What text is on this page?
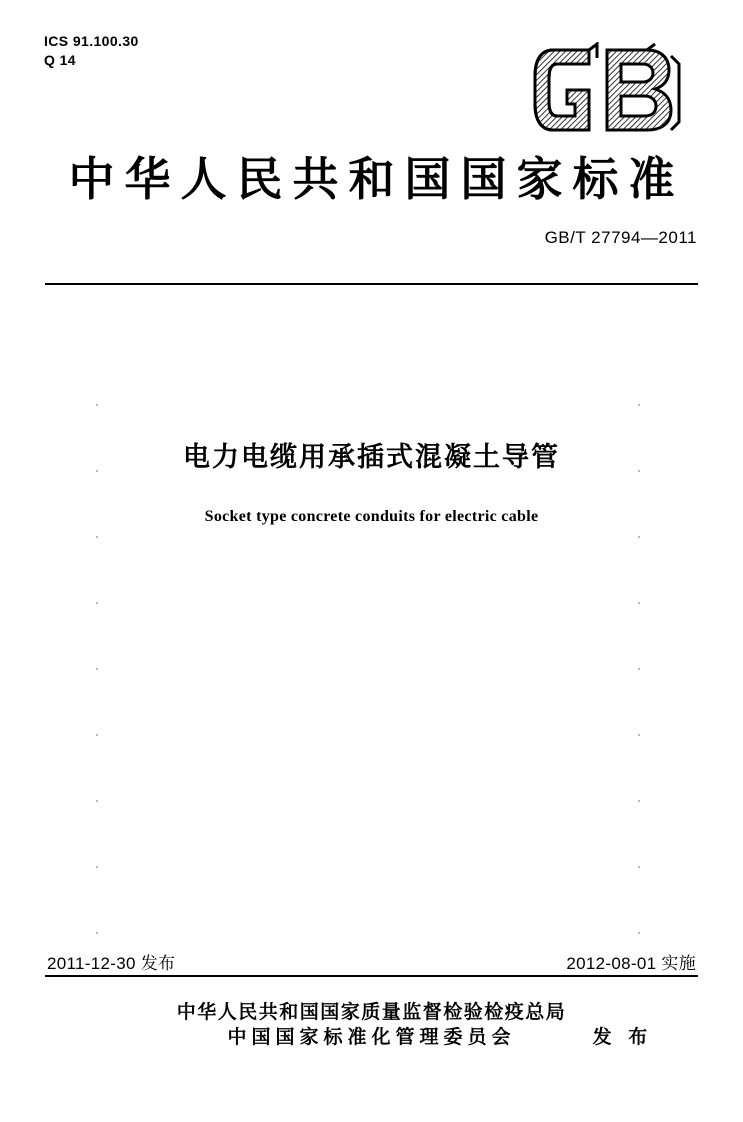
ICS 91.100.30
Q 14
中华人民共和国国家标准
GB/T 27794—2011
电力电缆用承插式混凝土导管
Socket type concrete conduits for electric cable
2011-12-30 发布	2012-08-01 实施
中华人民共和国国家质量监督检验检疫总局
中国国家标准化管理委员会	发 布
